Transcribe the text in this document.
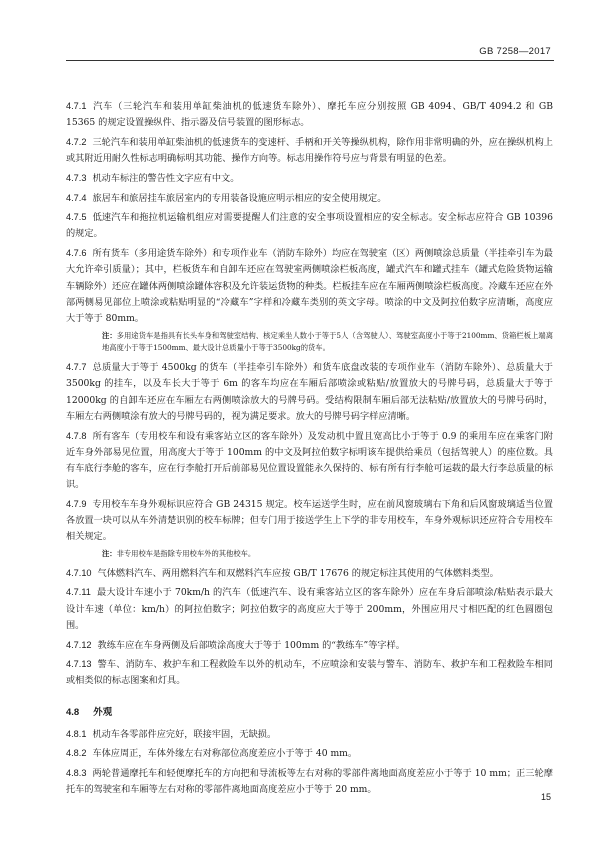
GB 7258—2017

4.7.1 汽车（三轮汽车和装用单缸柴油机的低速货车除外）、摩托车应分别按照 GB 4094、GB/T 4094.2 和 GB 15365 的规定设置操纵件、指示器及信号装置的图形标志。

4.7.2 三轮汽车和装用单缸柴油机的低速货车的变速杆、手柄和开关等操纵机构，除作用非常明确的外，应在操纵机构上或其附近用耐久性标志明确标明其功能、操作方向等。标志用操作符号应与背景有明显的色差。

4.7.3 机动车标注的警告性文字应有中文。

4.7.4 旅居车和旅居挂车旅居室内的专用装备设施应明示相应的安全使用规定。

4.7.5 低速汽车和拖拉机运输机组应对需要提醒人们注意的安全事项设置相应的安全标志。安全标志应符合 GB 10396 的规定。

4.7.6 所有货车（多用途货车除外）和专项作业车（消防车除外）均应在驾驶室（区）两侧喷涂总质量（半挂牵引车为最大允许牵引质量）；其中，栏板货车和自卸车还应在驾驶室两侧喷涂栏板高度，罐式汽车和罐式挂车（罐式危险货物运输车辆除外）还应在罐体两侧喷涂罐体容积及允许装运货物的种类。栏板挂车应在车厢两侧喷涂栏板高度。冷藏车还应在外部两侧易见部位上喷涂或粘贴明显的“冷藏车”字样和冷藏车类别的英文字母。喷涂的中文及阿拉伯数字应清晰，高度应大于等于 80mm。

注：多用途货车是指具有长头车身和驾驶室结构、核定乘坐人数小于等于5人（含驾驶人）、驾驶室高度小于等于2100mm、货箱栏板上端离地高度小于等于1500mm、最大设计总质量小于等于3500kg的货车。

4.7.7 总质量大于等于 4500kg 的货车（半挂牵引车除外）和货车底盘改装的专项作业车（消防车除外）、总质量大于 3500kg 的挂车，以及车长大于等于 6m 的客车均应在车厢后部喷涂或粘贴/放置放大的号牌号码，总质量大于等于 12000kg 的自卸车还应在车厢左右两侧喷涂放大的号牌号码。受结构限制车厢后部无法粘贴/放置放大的号牌号码时，车厢左右两侧喷涂有放大的号牌号码的，视为满足要求。放大的号牌号码字样应清晰。

4.7.8 所有客车（专用校车和设有乘客站立区的客车除外）及发动机中置且宽高比小于等于 0.9 的乘用车应在乘客门附近车身外部易见位置，用高度大于等于 100mm 的中文及阿拉伯数字标明该车提供给乘员（包括驾驶人）的座位数。具有车底行李舱的客车，应在行李舱打开后前部易见位置设置能永久保持的、标有所有行李舱可运载的最大行李总质量的标识。

4.7.9 专用校车车身外观标识应符合 GB 24315 规定。校车运送学生时，应在前风窗玻璃右下角和后风窗玻璃适当位置各放置一块可以从车外清楚识别的校车标牌；但专门用于接送学生上下学的非专用校车，车身外观标识还应符合专用校车相关规定。

注：非专用校车是指除专用校车外的其他校车。

4.7.10 气体燃料汽车、两用燃料汽车和双燃料汽车应按 GB/T 17676 的规定标注其使用的气体燃料类型。

4.7.11 最大设计车速小于 70km/h 的汽车（低速汽车、设有乘客站立区的客车除外）应在车身后部喷涂/粘贴表示最大设计车速（单位：km/h）的阿拉伯数字；阿拉伯数字的高度应大于等于 200mm，外围应用尺寸相匹配的红色圆圈包围。

4.7.12 教练车应在车身两侧及后部喷涂高度大于等于 100mm 的“教练车”等字样。

4.7.13 警车、消防车、救护车和工程救险车以外的机动车，不应喷涂和安装与警车、消防车、救护车和工程救险车相同或相类似的标志图案和灯具。

4.8 外观

4.8.1 机动车各零部件应完好，联接牢固，无缺损。

4.8.2 车体应周正，车体外缘左右对称部位高度差应小于等于 40 mm。

4.8.3 两轮普通摩托车和轻便摩托车的方向把和导流板等左右对称的零部件离地面高度差应小于等于 10 mm；正三轮摩托车的驾驶室和车厢等左右对称的零部件离地面高度差应小于等于 20 mm。

15
